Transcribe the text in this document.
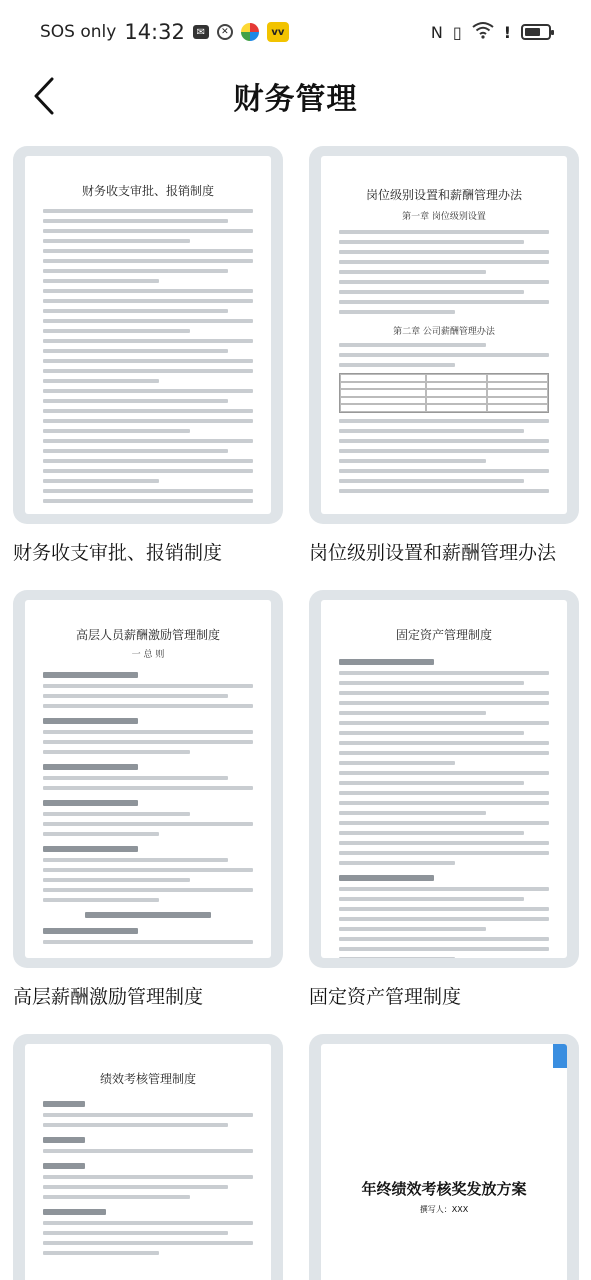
SOS only 14:32	✉	✕	vv	N ▯	!
财务管理
财务收支审批、报销制度
财务收支审批、报销制度
岗位级别设置和薪酬管理办法
第一章 岗位级别设置
第二章 公司薪酬管理办法
岗位级别设置和薪酬管理办法
高层人员薪酬激励管理制度
一 总 则
高层薪酬激励管理制度
固定资产管理制度
固定资产管理制度
绩效考核管理制度
年终绩效考核奖发放方案
撰写人：XXX
